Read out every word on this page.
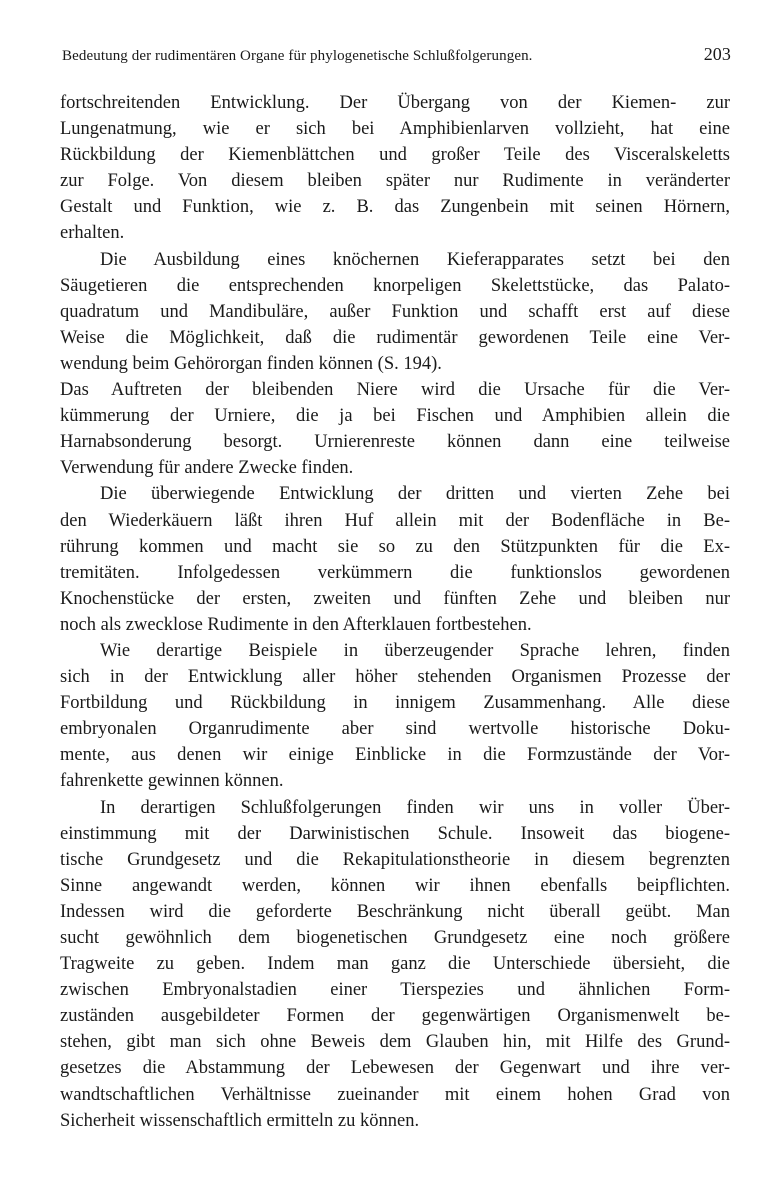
Bedeutung der rudimentären Organe für phylogenetische Schlußfolgerungen.	203

fortschreitenden Entwicklung. Der Übergang von der Kiemen- zur
Lungenatmung, wie er sich bei Amphibienlarven vollzieht, hat eine
Rückbildung der Kiemenblättchen und großer Teile des Visceralskeletts
zur Folge. Von diesem bleiben später nur Rudimente in veränderter
Gestalt und Funktion, wie z. B. das Zungenbein mit seinen Hörnern,
erhalten.

Die Ausbildung eines knöchernen Kieferapparates setzt bei den
Säugetieren die entsprechenden knorpeligen Skelettstücke, das Palato-
quadratum und Mandibuläre, außer Funktion und schafft erst auf diese
Weise die Möglichkeit, daß die rudimentär gewordenen Teile eine Ver-
wendung beim Gehörorgan finden können (S. 194).

Das Auftreten der bleibenden Niere wird die Ursache für die Ver-
kümmerung der Urniere, die ja bei Fischen und Amphibien allein die
Harnabsonderung besorgt. Urnierenreste können dann eine teilweise
Verwendung für andere Zwecke finden.

Die überwiegende Entwicklung der dritten und vierten Zehe bei
den Wiederkäuern läßt ihren Huf allein mit der Bodenfläche in Be-
rührung kommen und macht sie so zu den Stützpunkten für die Ex-
tremitäten. Infolgedessen verkümmern die funktionslos gewordenen
Knochenstücke der ersten, zweiten und fünften Zehe und bleiben nur
noch als zwecklose Rudimente in den Afterklauen fortbestehen.

Wie derartige Beispiele in überzeugender Sprache lehren, finden
sich in der Entwicklung aller höher stehenden Organismen Prozesse der
Fortbildung und Rückbildung in innigem Zusammenhang. Alle diese
embryonalen Organrudimente aber sind wertvolle historische Doku-
mente, aus denen wir einige Einblicke in die Formzustände der Vor-
fahrenkette gewinnen können.

In derartigen Schlußfolgerungen finden wir uns in voller Über-
einstimmung mit der Darwinistischen Schule. Insoweit das biogene-
tische Grundgesetz und die Rekapitulationstheorie in diesem begrenzten
Sinne angewandt werden, können wir ihnen ebenfalls beipflichten.
Indessen wird die geforderte Beschränkung nicht überall geübt. Man
sucht gewöhnlich dem biogenetischen Grundgesetz eine noch größere
Tragweite zu geben. Indem man ganz die Unterschiede übersieht, die
zwischen Embryonalstadien einer Tierspezies und ähnlichen Form-
zuständen ausgebildeter Formen der gegenwärtigen Organismenwelt be-
stehen, gibt man sich ohne Beweis dem Glauben hin, mit Hilfe des Grund-
gesetzes die Abstammung der Lebewesen der Gegenwart und ihre ver-
wandtschaftlichen Verhältnisse zueinander mit einem hohen Grad von
Sicherheit wissenschaftlich ermitteln zu können.
